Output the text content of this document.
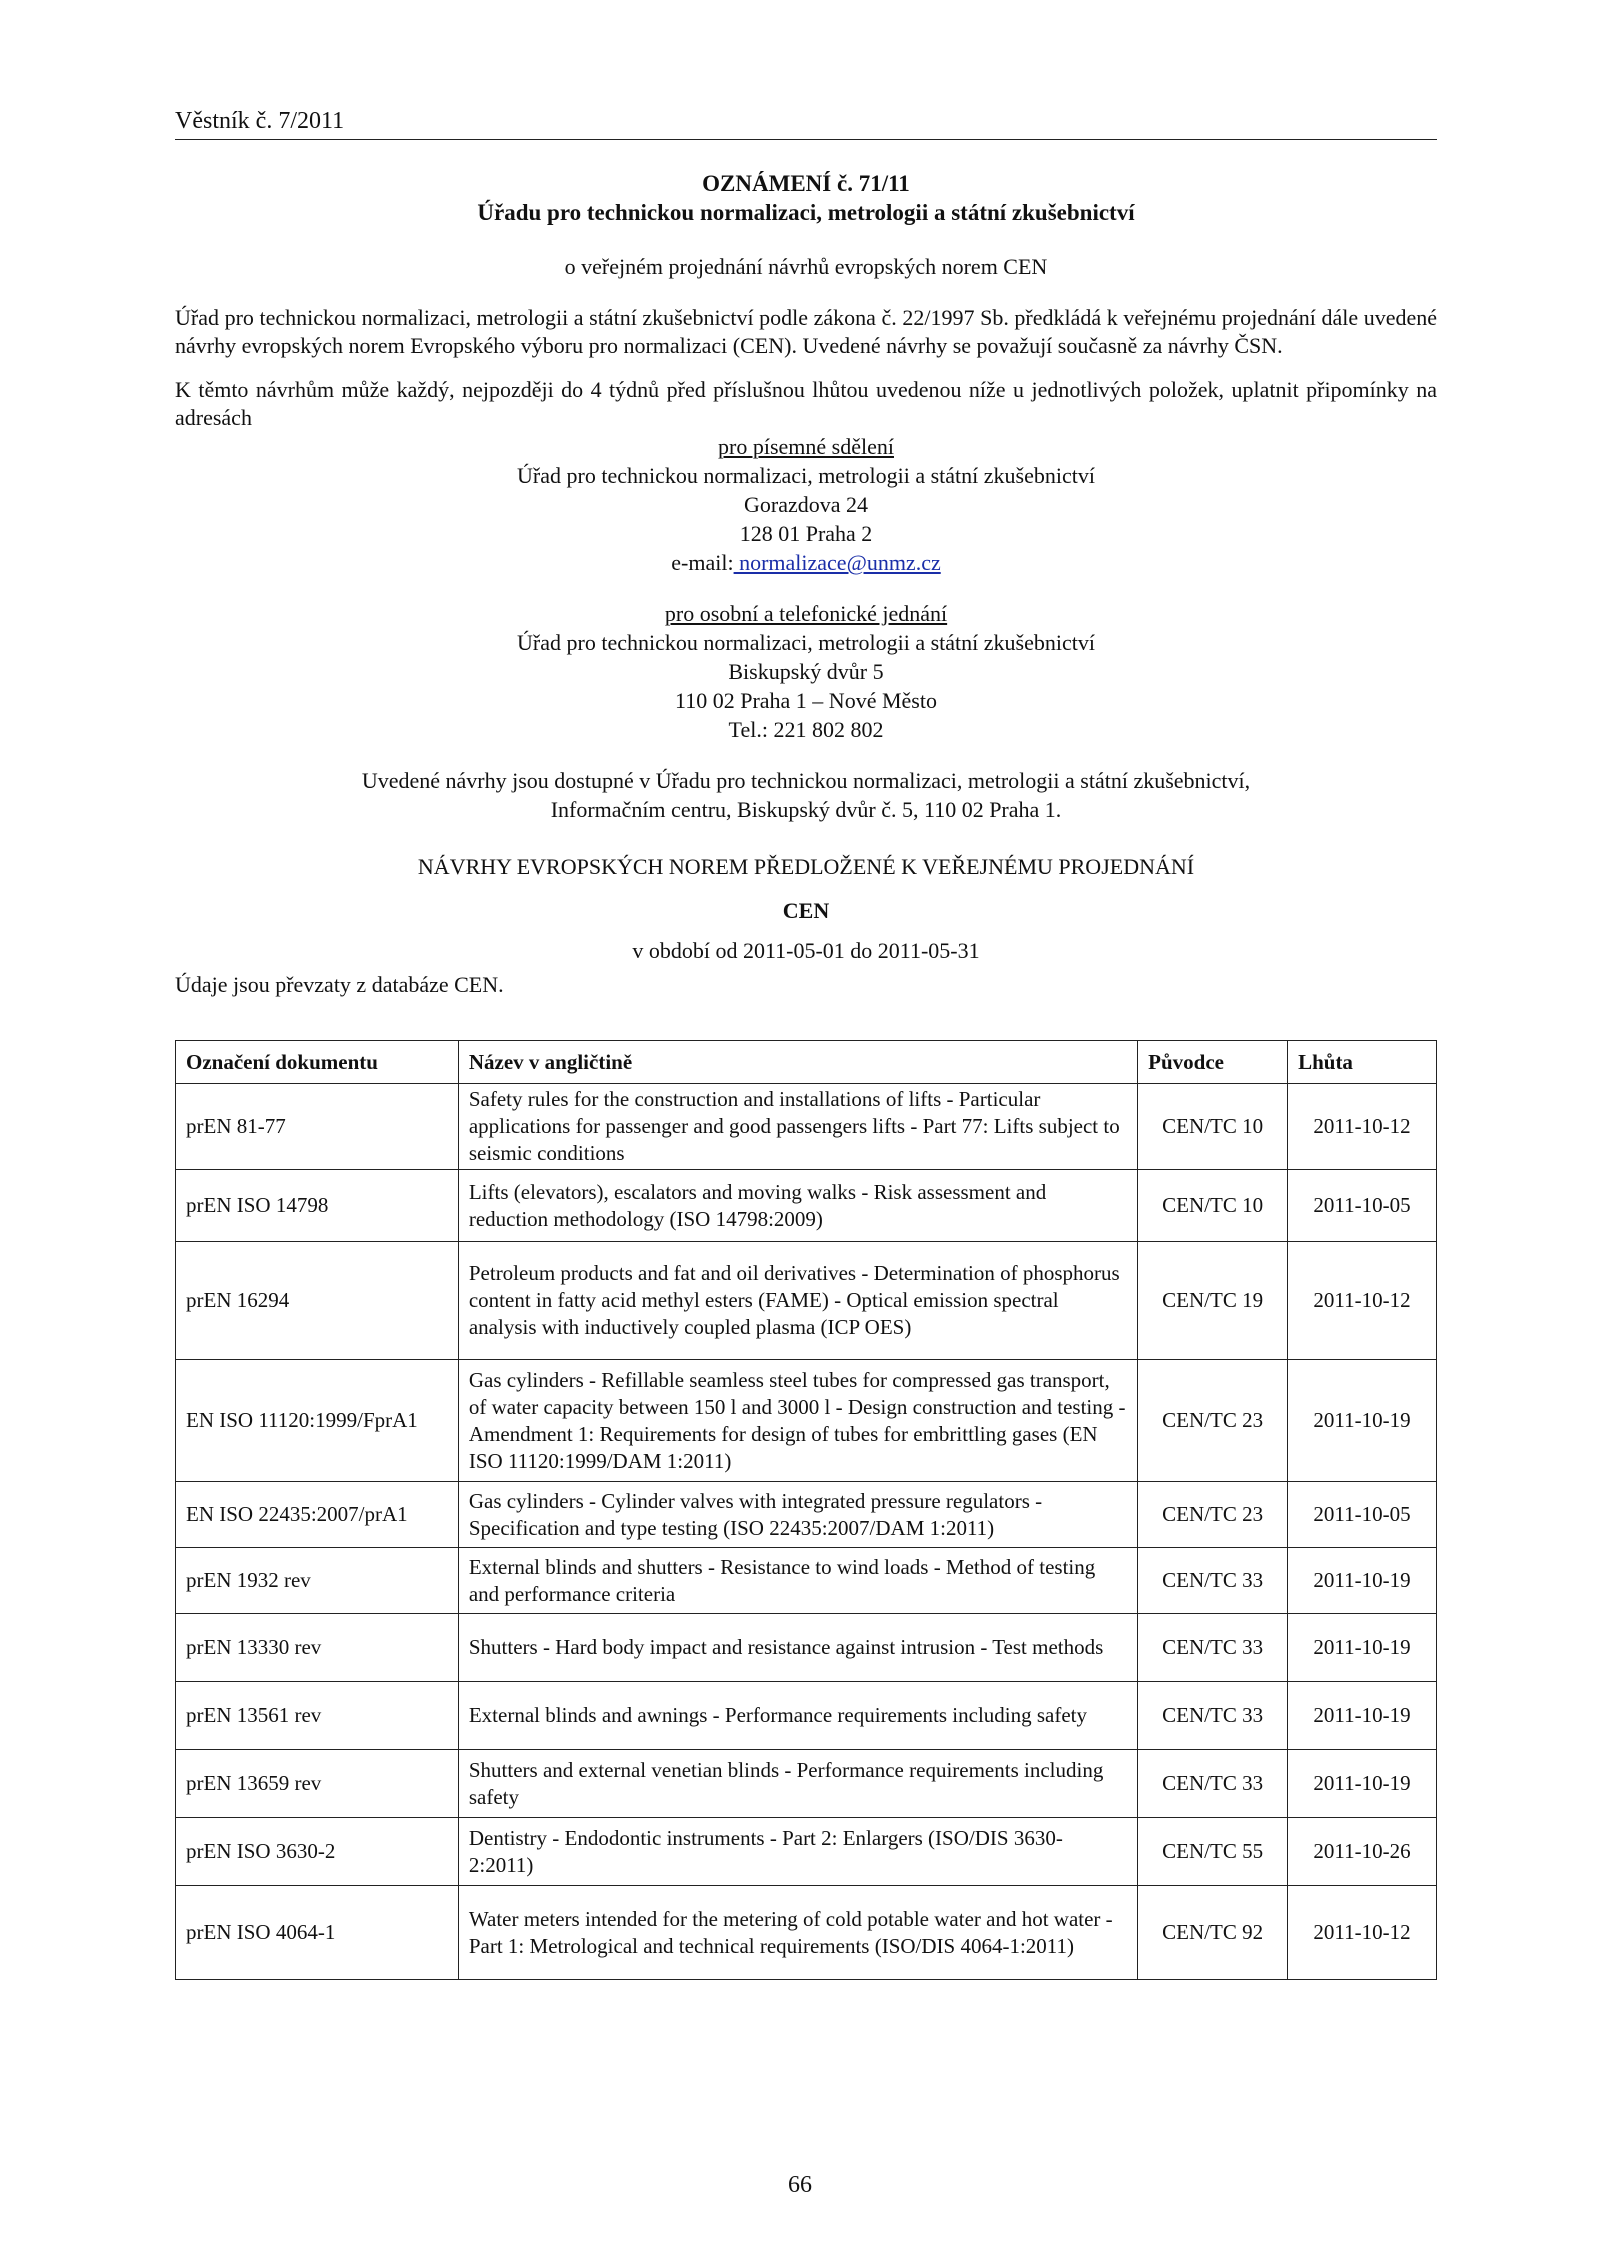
Věstník č. 7/2011
OZNÁMENÍ č. 71/11
Úřadu pro technickou normalizaci, metrologii a státní zkušebnictví
o veřejném projednání návrhů evropských norem CEN

Úřad pro technickou normalizaci, metrologii a státní zkušebnictví podle zákona č. 22/1997 Sb. předkládá k veřejnému projednání dále uvedené návrhy evropských norem Evropského výboru pro normalizaci (CEN). Uvedené návrhy se považují současně za návrhy ČSN.

K těmto návrhům může každý, nejpozději do 4 týdnů před příslušnou lhůtou uvedenou níže u jednotlivých položek, uplatnit připomínky na adresách

pro písemné sdělení
Úřad pro technickou normalizaci, metrologii a státní zkušebnictví
Gorazdova 24
128 01 Praha 2
e-mail: normalizace@unmz.cz
pro osobní a telefonické jednání
Úřad pro technickou normalizaci, metrologii a státní zkušebnictví
Biskupský dvůr 5
110 02 Praha 1 – Nové Město
Tel.: 221 802 802
Uvedené návrhy jsou dostupné v Úřadu pro technickou normalizaci, metrologii a státní zkušebnictví,
Informačním centru, Biskupský dvůr č. 5, 110 02 Praha 1.
NÁVRHY EVROPSKÝCH NOREM PŘEDLOŽENÉ K VEŘEJNÉMU PROJEDNÁNÍ
CEN
v období od 2011-05-01 do 2011-05-31
Údaje jsou převzaty z databáze CEN.
Označení dokumentu	Název v angličtině	Původce	Lhůta
prEN 81-77	Safety rules for the construction and installations of lifts - Particular applications for passenger and good passengers lifts - Part 77: Lifts subject to seismic conditions	CEN/TC 10	2011-10-12
prEN ISO 14798	Lifts (elevators), escalators and moving walks - Risk assessment and reduction methodology (ISO 14798:2009)	CEN/TC 10	2011-10-05
prEN 16294	Petroleum products and fat and oil derivatives - Determination of phosphorus content in fatty acid methyl esters (FAME) - Optical emission spectral analysis with inductively coupled plasma (ICP OES)	CEN/TC 19	2011-10-12
EN ISO 11120:1999/FprA1	Gas cylinders - Refillable seamless steel tubes for compressed gas transport, of water capacity between 150 l and 3000 l - Design construction and testing - Amendment 1: Requirements for design of tubes for embrittling gases (EN ISO 11120:1999/DAM 1:2011)	CEN/TC 23	2011-10-19
EN ISO 22435:2007/prA1	Gas cylinders - Cylinder valves with integrated pressure regulators - Specification and type testing (ISO 22435:2007/DAM 1:2011)	CEN/TC 23	2011-10-05
prEN 1932 rev	External blinds and shutters - Resistance to wind loads - Method of testing and performance criteria	CEN/TC 33	2011-10-19
prEN 13330 rev	Shutters - Hard body impact and resistance against intrusion - Test methods	CEN/TC 33	2011-10-19
prEN 13561 rev	External blinds and awnings - Performance requirements including safety	CEN/TC 33	2011-10-19
prEN 13659 rev	Shutters and external venetian blinds - Performance requirements including safety	CEN/TC 33	2011-10-19
prEN ISO 3630-2	Dentistry - Endodontic instruments - Part 2: Enlargers (ISO/DIS 3630-2:2011)	CEN/TC 55	2011-10-26
prEN ISO 4064-1	Water meters intended for the metering of cold potable water and hot water - Part 1: Metrological and technical requirements (ISO/DIS 4064-1:2011)	CEN/TC 92	2011-10-12
66
